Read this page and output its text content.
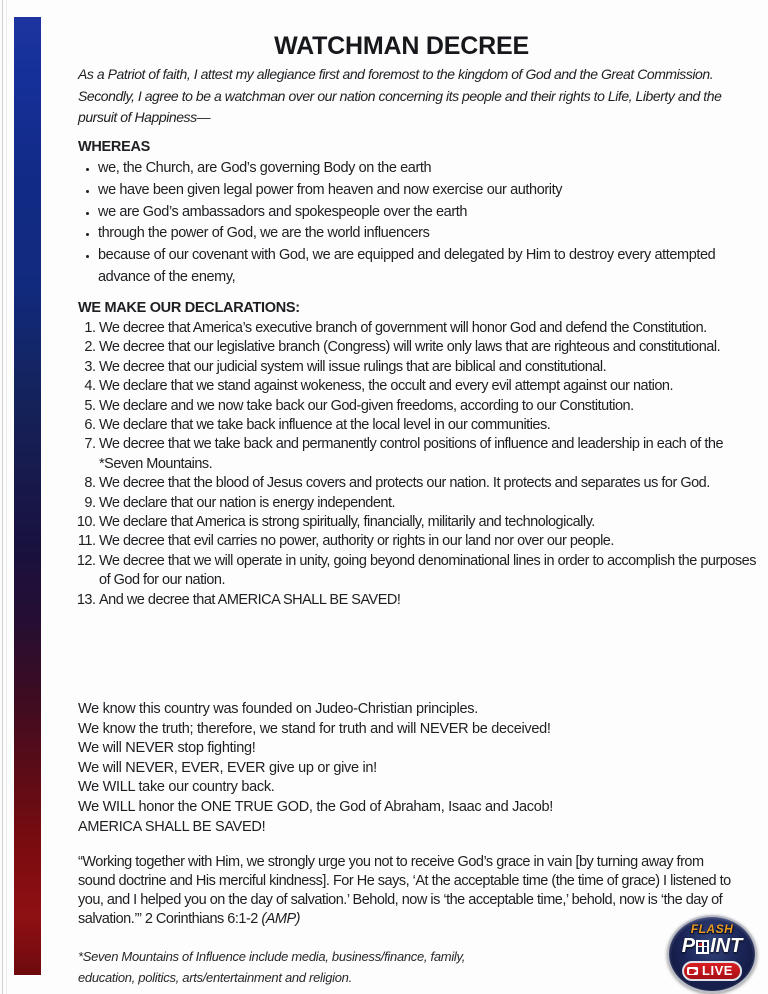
WATCHMAN DECREE

As a Patriot of faith, I attest my allegiance first and foremost to the kingdom of God and the Great Commission. Secondly, I agree to be a watchman over our nation concerning its people and their rights to Life, Liberty and the pursuit of Happiness—

WHEREAS
• we, the Church, are God’s governing Body on the earth
• we have been given legal power from heaven and now exercise our authority
• we are God’s ambassadors and spokespeople over the earth
• through the power of God, we are the world influencers
• because of our covenant with God, we are equipped and delegated by Him to destroy every attempted advance of the enemy,
WE MAKE OUR DECLARATIONS:
1. We decree that America’s executive branch of government will honor God and defend the Constitution.
2. We decree that our legislative branch (Congress) will write only laws that are righteous and constitutional.
3. We decree that our judicial system will issue rulings that are biblical and constitutional.
4. We declare that we stand against wokeness, the occult and every evil attempt against our nation.
5. We declare and we now take back our God-given freedoms, according to our Constitution.
6. We declare that we take back influence at the local level in our communities.
7. We decree that we take back and permanently control positions of influence and leadership in each of the *Seven Mountains.
8. We decree that the blood of Jesus covers and protects our nation. It protects and separates us for God.
9. We declare that our nation is energy independent.
10. We declare that America is strong spiritually, financially, militarily and technologically.
11. We decree that evil carries no power, authority or rights in our land nor over our people.
12. We decree that we will operate in unity, going beyond denominational lines in order to accomplish the purposes of God for our nation.
13. And we decree that AMERICA SHALL BE SAVED!
We know this country was founded on Judeo-Christian principles.
We know the truth; therefore, we stand for truth and will NEVER be deceived!
We will NEVER stop fighting!
We will NEVER, EVER, EVER give up or give in!
We WILL take our country back.
We WILL honor the ONE TRUE GOD, the God of Abraham, Isaac and Jacob!
AMERICA SHALL BE SAVED!

“Working together with Him, we strongly urge you not to receive God’s grace in vain [by turning away from sound doctrine and His merciful kindness]. For He says, ‘At the acceptable time (the time of grace) I listened to you, and I helped you on the day of salvation.’ Behold, now is ‘the acceptable time,’ behold, now is ‘the day of salvation.’” 2 Corinthians 6:1-2 (AMP)

*Seven Mountains of Influence include media, business/finance, family, education, politics, arts/entertainment and religion.

FLASH
P INT
LIVE
